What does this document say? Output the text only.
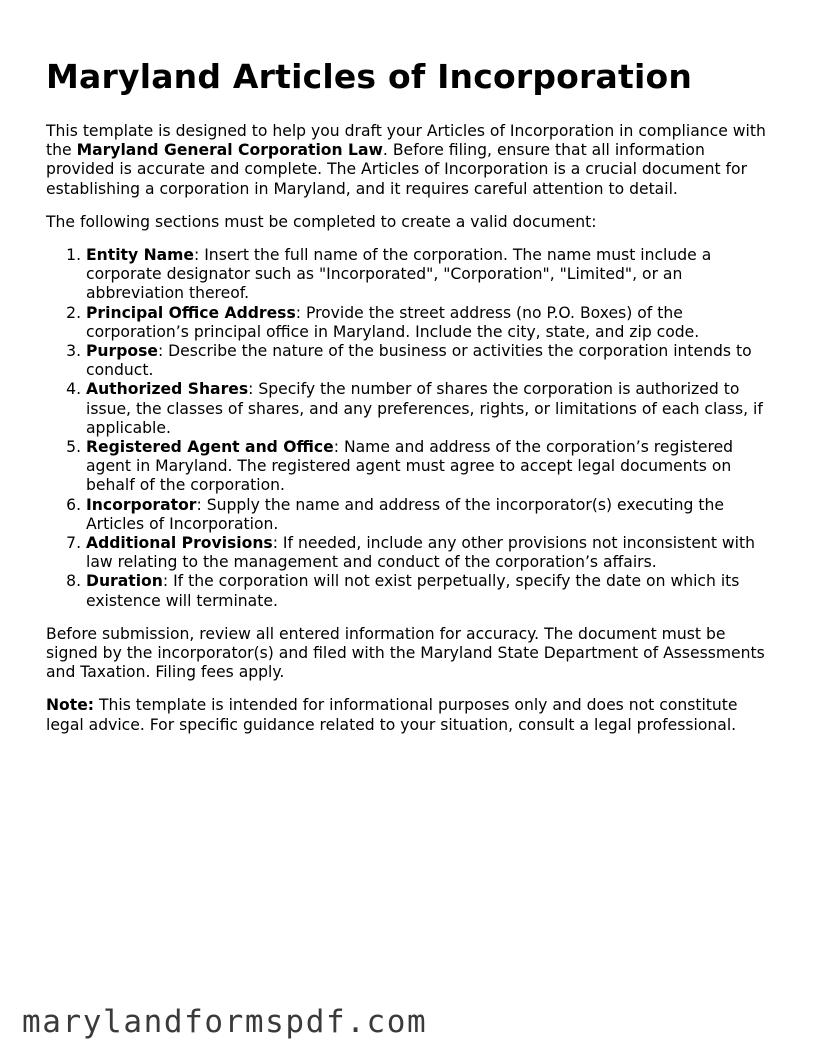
Maryland Articles of Incorporation

This template is designed to help you draft your Articles of Incorporation in compliance with the Maryland General Corporation Law. Before filing, ensure that all information provided is accurate and complete. The Articles of Incorporation is a crucial document for establishing a corporation in Maryland, and it requires careful attention to detail.

The following sections must be completed to create a valid document:

1. Entity Name: Insert the full name of the corporation. The name must include a corporate designator such as "Incorporated", "Corporation", "Limited", or an abbreviation thereof.
2. Principal Office Address: Provide the street address (no P.O. Boxes) of the corporation’s principal office in Maryland. Include the city, state, and zip code.
3. Purpose: Describe the nature of the business or activities the corporation intends to conduct.
4. Authorized Shares: Specify the number of shares the corporation is authorized to issue, the classes of shares, and any preferences, rights, or limitations of each class, if applicable.
5. Registered Agent and Office: Name and address of the corporation’s registered agent in Maryland. The registered agent must agree to accept legal documents on behalf of the corporation.
6. Incorporator: Supply the name and address of the incorporator(s) executing the Articles of Incorporation.
7. Additional Provisions: If needed, include any other provisions not inconsistent with law relating to the management and conduct of the corporation’s affairs.
8. Duration: If the corporation will not exist perpetually, specify the date on which its existence will terminate.

Before submission, review all entered information for accuracy. The document must be signed by the incorporator(s) and filed with the Maryland State Department of Assessments and Taxation. Filing fees apply.

Note: This template is intended for informational purposes only and does not constitute legal advice. For specific guidance related to your situation, consult a legal professional.

marylandformspdf.com
